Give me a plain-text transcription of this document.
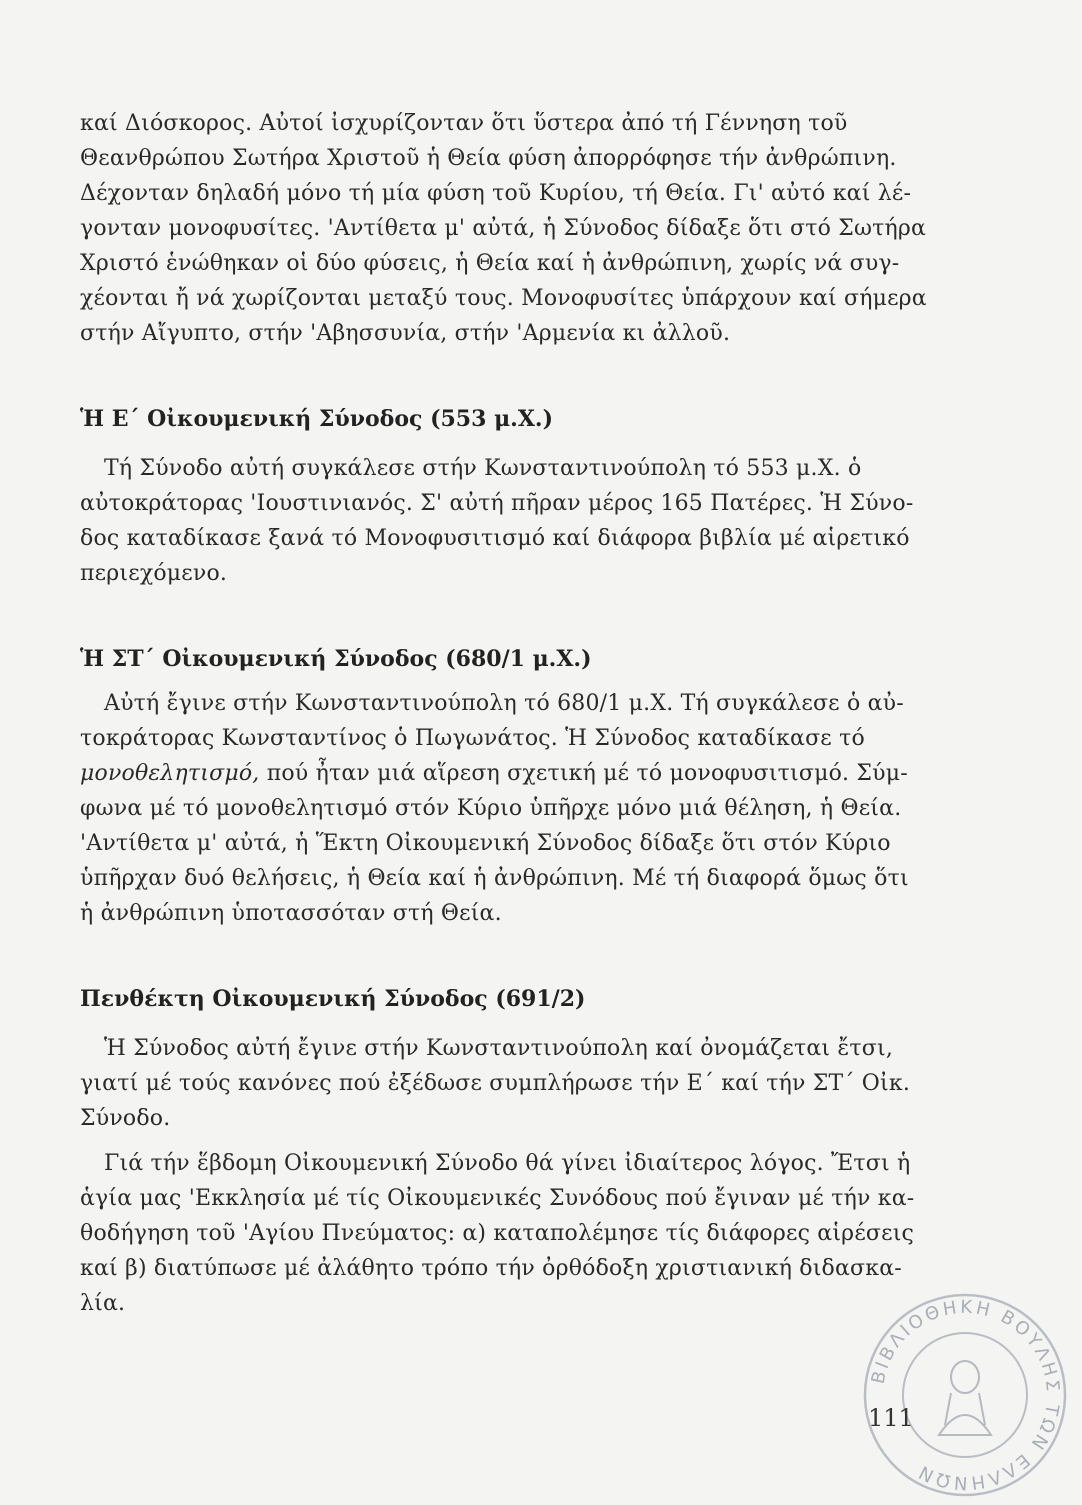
καί Διόσκορος. Αὐτοί ἰσχυρίζονταν ὅτι ὕστερα ἀπό τή Γέννηση τοῦ
Θεανθρώπου Σωτήρα Χριστοῦ ἡ Θεία φύση ἀπορρόφησε τήν ἀνθρώπινη.
Δέχονταν δηλαδή μόνο τή μία φύση τοῦ Κυρίου, τή Θεία. Γι' αὐτό καί λέ-
γονταν μονοφυσίτες. 'Αντίθετα μ' αὐτά, ἡ Σύνοδος δίδαξε ὅτι στό Σωτήρα
Χριστό ἑνώθηκαν οἱ δύο φύσεις, ἡ Θεία καί ἡ ἀνθρώπινη, χωρίς νά συγ-
χέονται ἤ νά χωρίζονται μεταξύ τους. Μονοφυσίτες ὑπάρχουν καί σήμερα
στήν Αἴγυπτο, στήν 'Αβησσυνία, στήν 'Αρμενία κι ἀλλοῦ.
Ἡ Ε΄ Οἰκουμενική Σύνοδος (553 μ.Χ.)
Τή Σύνοδο αὐτή συγκάλεσε στήν Κωνσταντινούπολη τό 553 μ.Χ. ὁ
αὐτοκράτορας 'Ιουστινιανός. Σ' αὐτή πῆραν μέρος 165 Πατέρες. Ἡ Σύνο-
δος καταδίκασε ξανά τό Μονοφυσιτισμό καί διάφορα βιβλία μέ αἱρετικό
περιεχόμενο.
Ἡ ΣΤ΄ Οἰκουμενική Σύνοδος (680/1 μ.Χ.)
Αὐτή ἔγινε στήν Κωνσταντινούπολη τό 680/1 μ.Χ. Τή συγκάλεσε ὁ αὐ-
τοκράτορας Κωνσταντίνος ὁ Πωγωνάτος. Ἡ Σύνοδος καταδίκασε τό
μονοθελητισμό, πού ἦταν μιά αἵρεση σχετική μέ τό μονοφυσιτισμό. Σύμ-
φωνα μέ τό μονοθελητισμό στόν Κύριο ὑπῆρχε μόνο μιά θέληση, ἡ Θεία.
'Αντίθετα μ' αὐτά, ἡ Ἕκτη Οἰκουμενική Σύνοδος δίδαξε ὅτι στόν Κύριο
ὑπῆρχαν δυό θελήσεις, ἡ Θεία καί ἡ ἀνθρώπινη. Μέ τή διαφορά ὅμως ὅτι
ἡ ἀνθρώπινη ὑποτασσόταν στή Θεία.
Πενθέκτη Οἰκουμενική Σύνοδος (691/2)
Ἡ Σύνοδος αὐτή ἔγινε στήν Κωνσταντινούπολη καί ὀνομάζεται ἔτσι,
γιατί μέ τούς κανόνες πού ἐξέδωσε συμπλήρωσε τήν Ε΄ καί τήν ΣΤ΄ Οἰκ.
Σύνοδο.
Γιά τήν ἕβδομη Οἰκουμενική Σύνοδο θά γίνει ἰδιαίτερος λόγος. Ἔτσι ἡ
ἁγία μας 'Εκκλησία μέ τίς Οἰκουμενικές Συνόδους πού ἔγιναν μέ τήν κα-
θοδήγηση τοῦ 'Αγίου Πνεύματος: α) καταπολέμησε τίς διάφορες αἱρέσεις
καί β) διατύπωσε μέ ἀλάθητο τρόπο τήν ὀρθόδοξη χριστιανική διδασκα-
λία.
ΒΙΒΛΙΟΘΗΚΗ ΒΟΥΛΗΣ ΤΩΝ ΕΛΛΗΝΩΝ
111
